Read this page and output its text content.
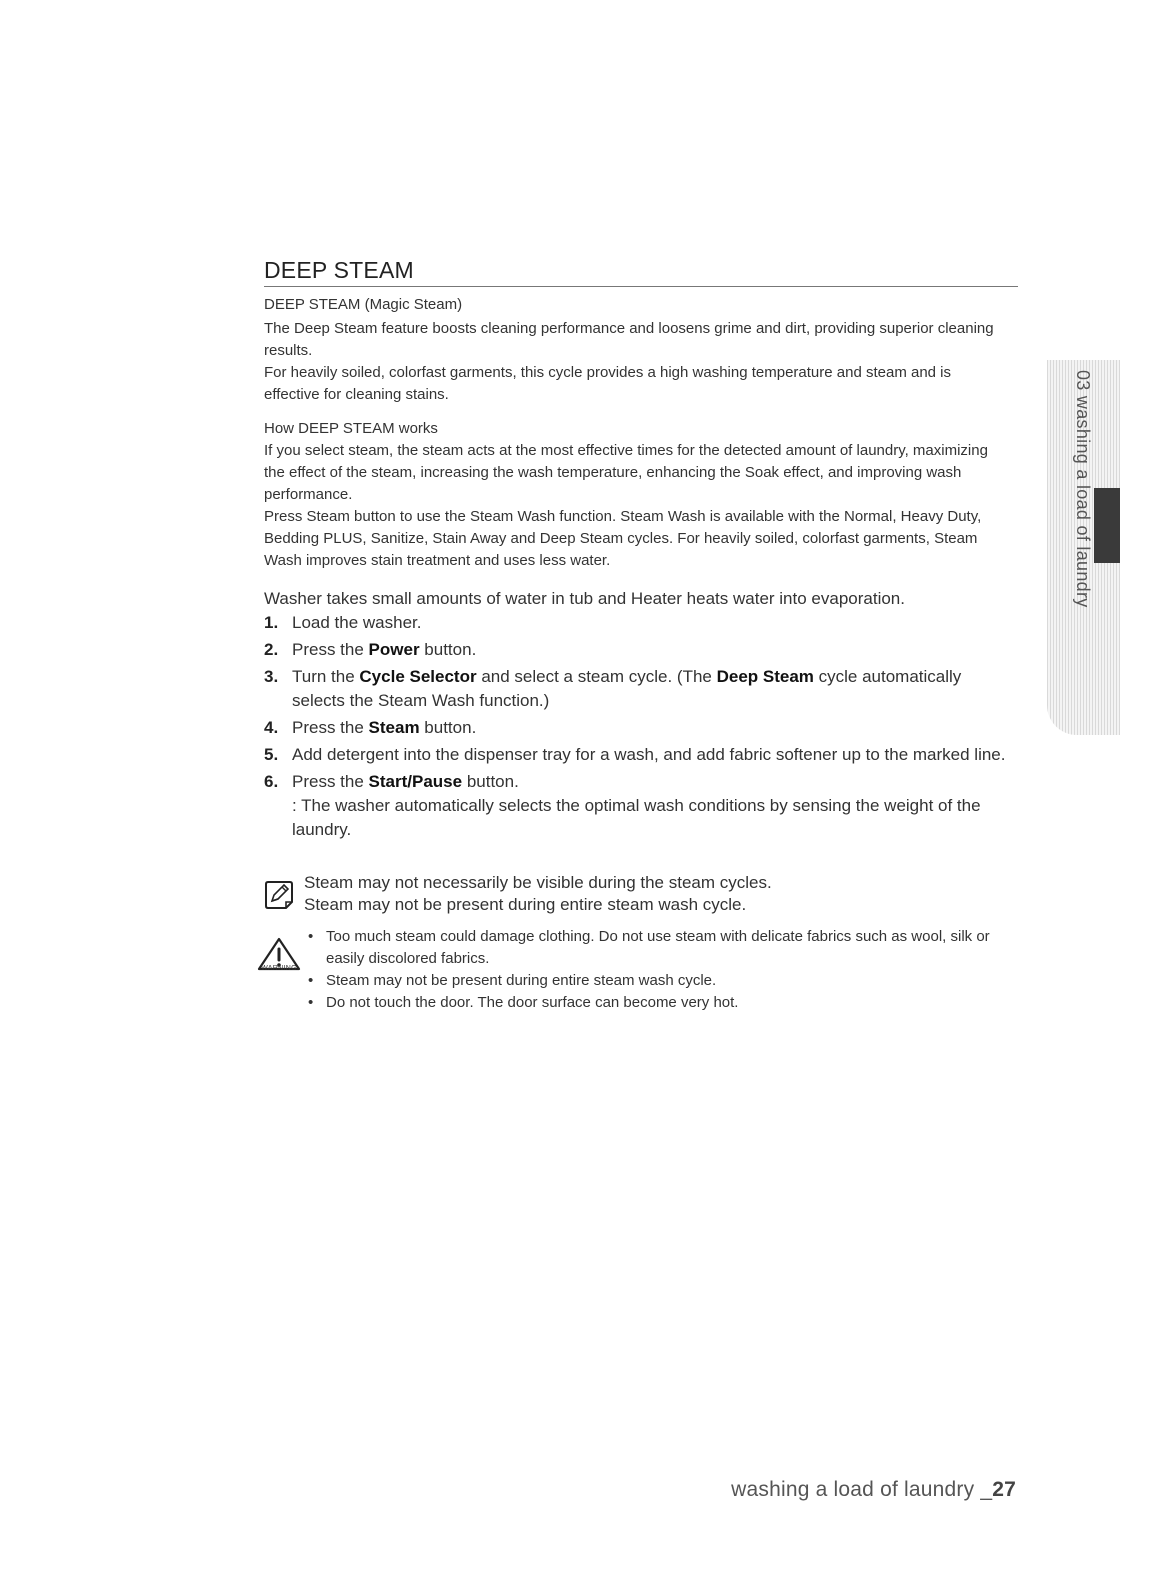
DEEP STEAM
DEEP STEAM (Magic Steam)

The Deep Steam feature boosts cleaning performance and loosens grime and dirt, providing superior cleaning results.

For heavily soiled, colorfast garments, this cycle provides a high washing temperature and steam and is effective for cleaning stains.

How DEEP STEAM works

If you select steam, the steam acts at the most effective times for the detected amount of laundry, maximizing the effect of the steam, increasing the wash temperature, enhancing the Soak effect, and improving wash performance.

Press Steam button to use the Steam Wash function. Steam Wash is available with the Normal, Heavy Duty, Bedding PLUS, Sanitize, Stain Away and Deep Steam cycles. For heavily soiled, colorfast garments, Steam Wash improves stain treatment and uses less water.

Washer takes small amounts of water in tub and Heater heats water into evaporation.
1. Load the washer.
2. Press the Power button.
3. Turn the Cycle Selector and select a steam cycle. (The Deep Steam cycle automatically selects the Steam Wash function.)
4. Press the Steam button.
5. Add detergent into the dispenser tray for a wash, and add fabric softener up to the marked line.
6. Press the Start/Pause button.
: The washer automatically selects the optimal wash conditions by sensing the weight of the laundry.

Steam may not necessarily be visible during the steam cycles.

Steam may not be present during entire steam wash cycle.

WARNING
• Too much steam could damage clothing. Do not use steam with delicate fabrics such as wool, silk or easily discolored fabrics.
• Steam may not be present during entire steam wash cycle.
• Do not touch the door. The door surface can become very hot.
03 washing a load of laundry
washing a load of laundry _27
